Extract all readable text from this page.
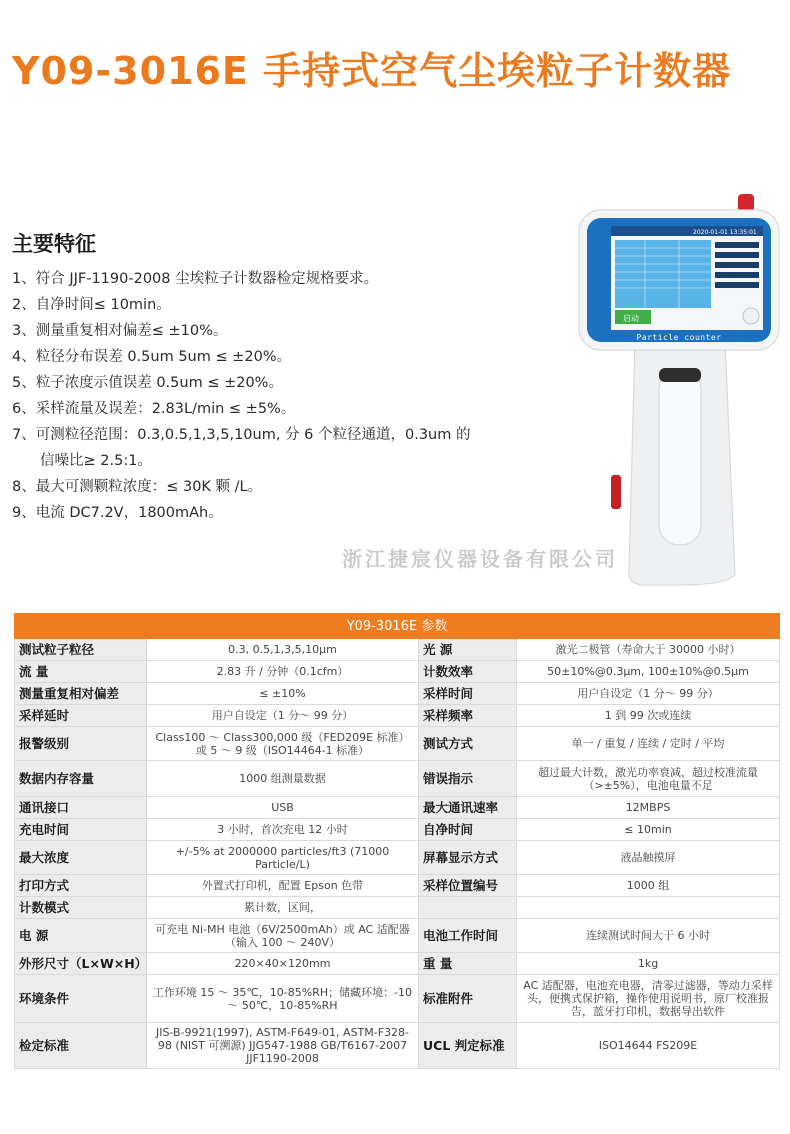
Y09-3016E 手持式空气尘埃粒子计数器
主要特征
1、符合 JJF-1190-2008 尘埃粒子计数器检定规格要求。
2、自净时间≤ 10min。
3、测量重复相对偏差≤ ±10%。
4、粒径分布误差 0.5um 5um ≤ ±20%。
5、粒子浓度示值误差 0.5um ≤ ±20%。
6、采样流量及误差：2.83L/min ≤ ±5%。
7、可测粒径范围：0.3,0.5,1,3,5,10um, 分 6 个粒径通道，0.3um 的
信噪比≥ 2.5:1。
8、最大可测颗粒浓度：≤ 30K 颗 /L。
9、电流 DC7.2V，1800mAh。
2020-01-01 13:35:01
启动
Particle counter
浙江捷宸仪器设备有限公司
Y09-3016E 参数			
测试粒子粒径	0.3, 0.5,1,3,5,10μm	光 源	激光二极管（寿命大于 30000 小时）
流 量	2.83 升 / 分钟（0.1cfm）	计数效率	50±10%@0.3μm, 100±10%@0.5μm
测量重复相对偏差	≤ ±10%	采样时间	用户自设定（1 分～ 99 分）
采样延时	用户自设定（1 分～ 99 分）	采样频率	1 到 99 次或连续
报警级别	Class100 ～ Class300,000 级（FED209E 标准）或 5 ～ 9 级（ISO14464-1 标准）	测试方式	单一 / 重复 / 连续 / 定时 / 平均
数据内存容量	1000 组测量数据	错误指示	超过最大计数，激光功率衰减，超过校准流量（>±5%），电池电量不足
通讯接口	USB	最大通讯速率	12MBPS
充电时间	3 小时，首次充电 12 小时	自净时间	≤ 10min
最大浓度	+/-5% at 2000000 particles/ft3 (71000 Particle/L)	屏幕显示方式	液晶触摸屏
打印方式	外置式打印机，配置 Epson 色带	采样位置编号	1000 组
计数模式	累计数，区间，		
电 源	可充电 Ni-MH 电池（6V/2500mAh）或 AC 适配器（输入 100 ～ 240V）	电池工作时间	连续测试时间大于 6 小时
外形尺寸（L×W×H）	220×40×120mm	重 量	1kg
环境条件	工作环境 15 ～ 35℃，10-85%RH；储藏环境：-10 ～ 50℃，10-85%RH	标准附件	AC 适配器，电池充电器，清零过滤器，等动力采样头，便携式保护箱，操作使用说明书，原厂校准报告，蓝牙打印机，数据导出软件
检定标准	JIS-B-9921(1997), ASTM-F649-01, ASTM-F328-98 (NIST 可溯源) JJG547-1988 GB/T6167-2007 JJF1190-2008	UCL 判定标准	ISO14644 FS209E
